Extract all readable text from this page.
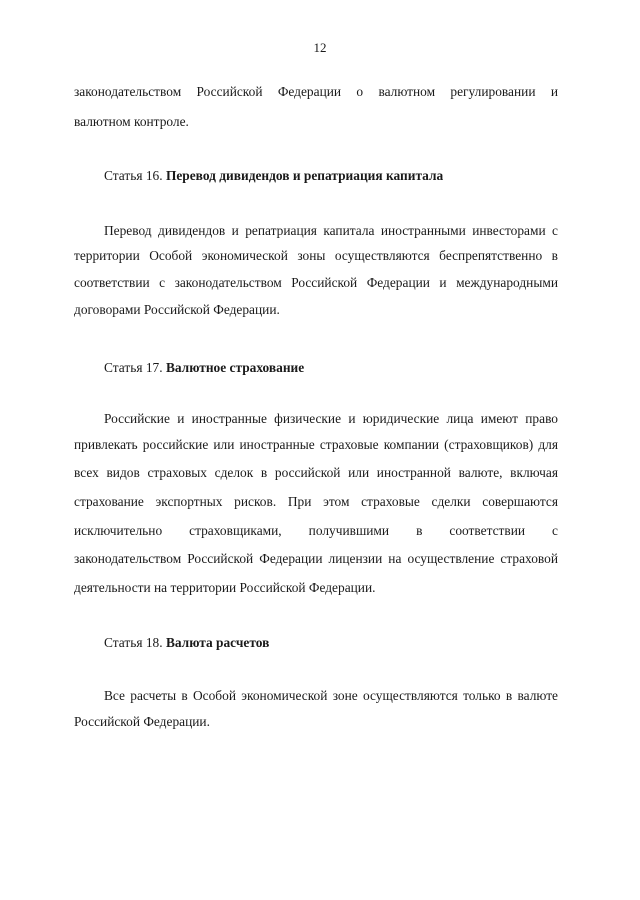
12
законодательством Российской Федерации о валютном регулировании и
валютном контроле.
Статья 16. Перевод дивидендов и репатриация капитала
Перевод дивидендов и репатриация капитала иностранными инвесторами с
территории Особой экономической зоны осуществляются беспрепятственно в
соответствии с законодательством Российской Федерации и международными
договорами Российской Федерации.
Статья 17. Валютное страхование
Российские и иностранные физические и юридические лица имеют право
привлекать российские или иностранные страховые компании (страховщиков) для
всех видов страховых сделок в российской или иностранной валюте, включая
страхование экспортных рисков. При этом страховые сделки совершаются
исключительно страховщиками, получившими в соответствии с
законодательством Российской Федерации лицензии на осуществление страховой
деятельности на территории Российской Федерации.
Статья 18. Валюта расчетов
Все расчеты в Особой экономической зоне осуществляются только в валюте
Российской Федерации.
